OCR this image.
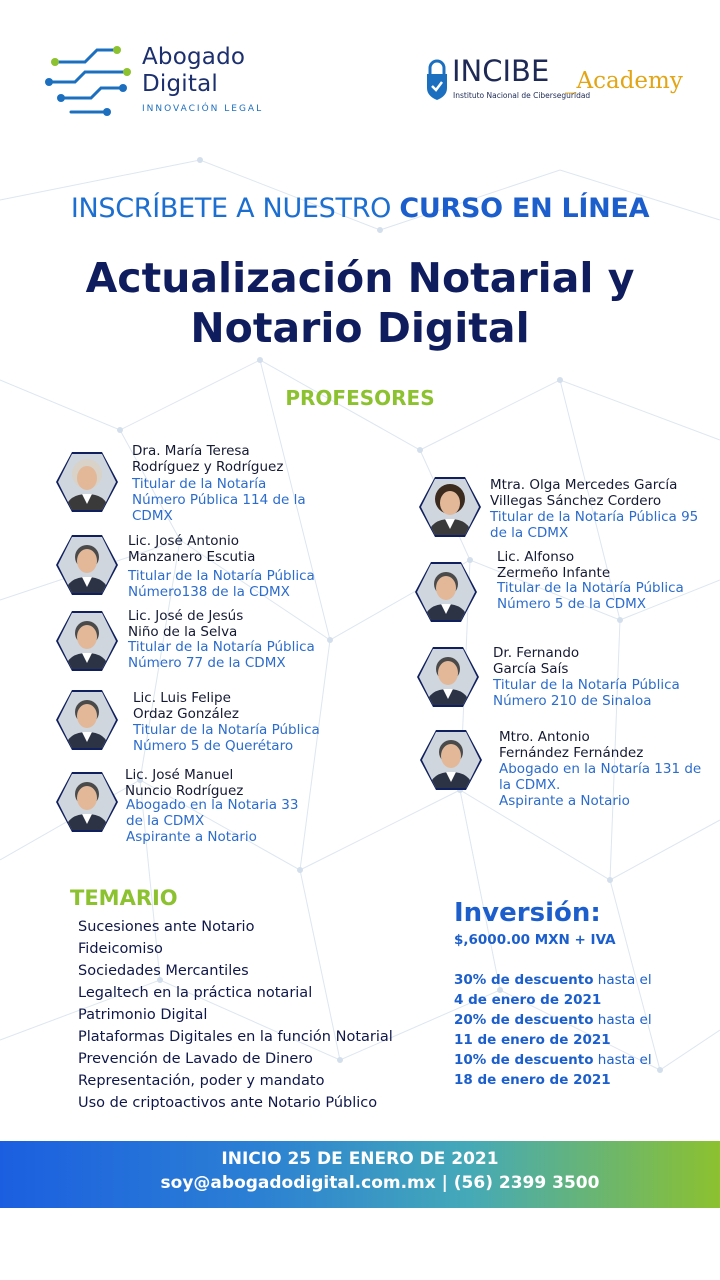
Abogado
Digital
INNOVACIÓN LEGAL
INCIBE _Academy
Instituto Nacional de Ciberseguridad
INSCRÍBETE A NUESTRO CURSO EN LÍNEA
Actualización Notarial y
Notario Digital
PROFESORES
Dra. María Teresa
Rodríguez y Rodríguez
Titular de la Notaría
Número Pública 114 de la
CDMX
Lic. José Antonio
Manzanero Escutia
Titular de la Notaría Pública
Número138 de la CDMX
Lic. José de Jesús
Niño de la Selva
Titular de la Notaría Pública
Número 77 de la CDMX
Lic. Luis Felipe
Ordaz González
Titular de la Notaría Pública
Número 5 de Querétaro
Lic. José Manuel
Nuncio Rodríguez
Abogado en la Notaria 33
de la CDMX
Aspirante a Notario
Mtra. Olga Mercedes García
Villegas Sánchez Cordero
Titular de la Notaría Pública 95
de la CDMX
Lic. Alfonso
Zermeño Infante
Titular de la Notaría Pública
Número 5 de la CDMX
Dr. Fernando
García Saís
Titular de la Notaría Pública
Número 210 de Sinaloa
Mtro. Antonio
Fernández Fernández
Abogado en la Notaría 131 de
la CDMX.
Aspirante a Notario
TEMARIO
Sucesiones ante Notario
Fideicomiso
Sociedades Mercantiles
Legaltech en la práctica notarial
Patrimonio Digital
Plataformas Digitales en la función Notarial
Prevención de Lavado de Dinero
Representación, poder y mandato
Uso de criptoactivos ante Notario Público
Inversión:
$,6000.00 MXN + IVA
30% de descuento hasta el
4 de enero de 2021
20% de descuento hasta el
11 de enero de 2021
10% de descuento hasta el
18 de enero de 2021
INICIO 25 DE ENERO DE 2021
soy@abogadodigital.com.mx | (56) 2399 3500
